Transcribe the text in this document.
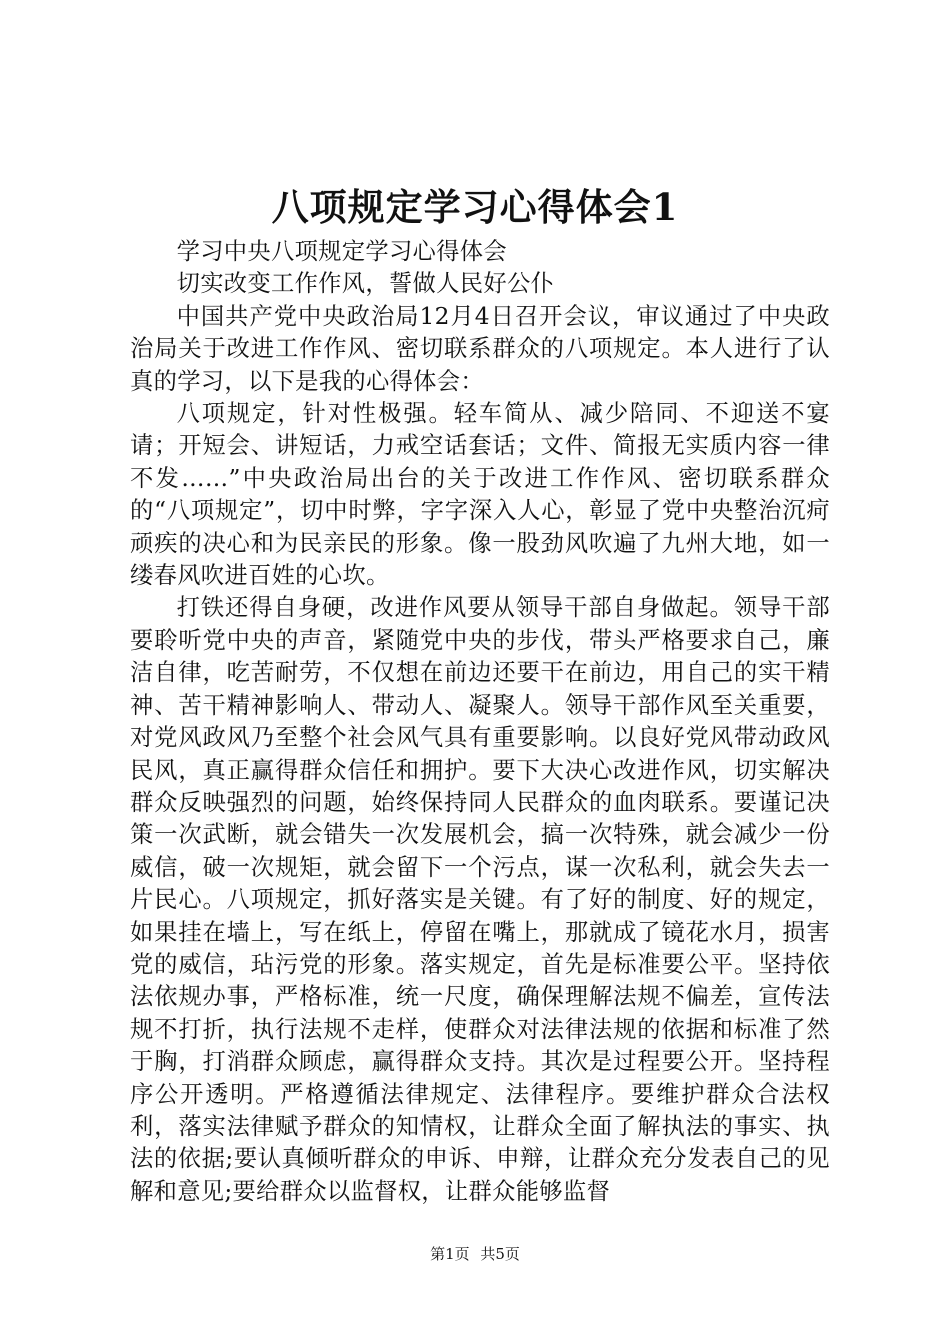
八项规定学习心得体会1

学习中央八项规定学习心得体会

切实改变工作作风，誓做人民好公仆

中国共产党中央政治局12月4日召开会议，审议通过了中央政治局关于改进工作作风、密切联系群众的八项规定。本人进行了认真的学习，以下是我的心得体会：

八项规定，针对性极强。轻车简从、减少陪同、不迎送不宴请；开短会、讲短话，力戒空话套话；文件、简报无实质内容一律不发……”中央政治局出台的关于改进工作作风、密切联系群众的“八项规定”，切中时弊，字字深入人心，彰显了党中央整治沉疴顽疾的决心和为民亲民的形象。像一股劲风吹遍了九州大地，如一缕春风吹进百姓的心坎。

打铁还得自身硬，改进作风要从领导干部自身做起。领导干部要聆听党中央的声音，紧随党中央的步伐，带头严格要求自己，廉洁自律，吃苦耐劳，不仅想在前边还要干在前边，用自己的实干精神、苦干精神影响人、带动人、凝聚人。领导干部作风至关重要，对党风政风乃至整个社会风气具有重要影响。以良好党风带动政风民风，真正赢得群众信任和拥护。要下大决心改进作风，切实解决群众反映强烈的问题，始终保持同人民群众的血肉联系。要谨记决策一次武断，就会错失一次发展机会，搞一次特殊，就会减少一份威信，破一次规矩，就会留下一个污点，谋一次私利，就会失去一片民心。八项规定，抓好落实是关键。有了好的制度、好的规定，如果挂在墙上，写在纸上，停留在嘴上，那就成了镜花水月，损害党的威信，玷污党的形象。落实规定，首先是标准要公平。坚持依法依规办事，严格标准，统一尺度，确保理解法规不偏差，宣传法规不打折，执行法规不走样，使群众对法律法规的依据和标准了然于胸，打消群众顾虑，赢得群众支持。其次是过程要公开。坚持程序公开透明。严格遵循法律规定、法律程序。要维护群众合法权利，落实法律赋予群众的知情权，让群众全面了解执法的事实、执法的依据;要认真倾听群众的申诉、申辩，让群众充分发表自己的见解和意见;要给群众以监督权，让群众能够监督

第1页 共5页
